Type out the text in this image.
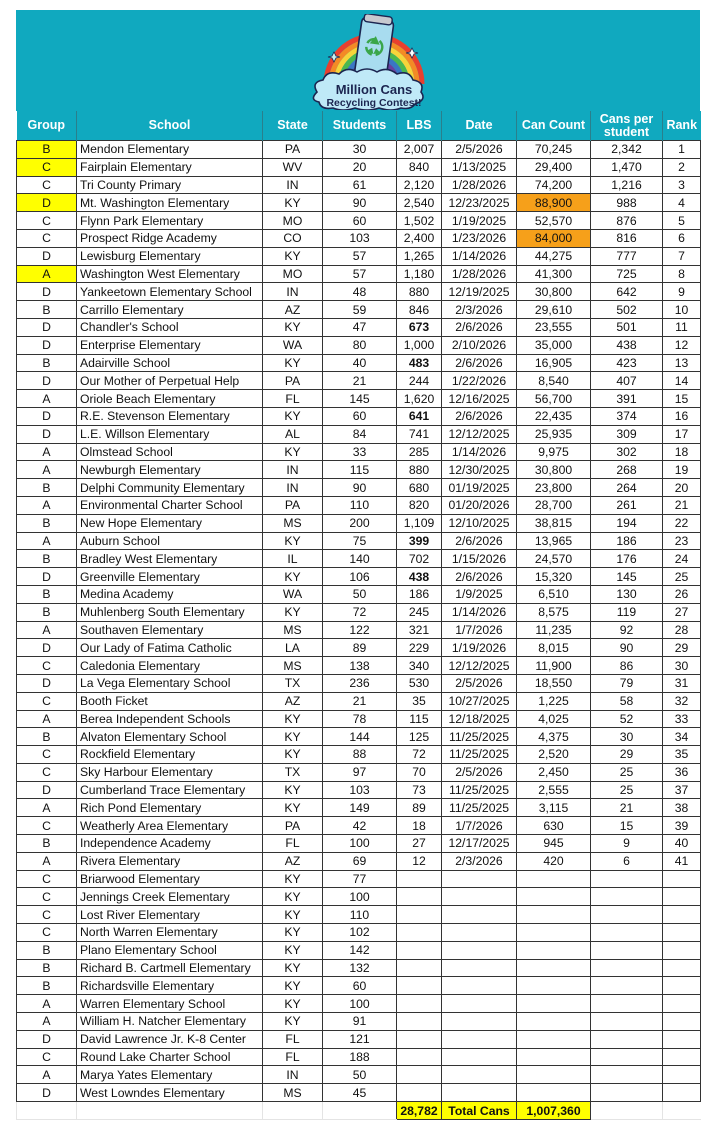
Million Cans
Recycling Contest!
Group	School	State	Students	LBS	Date	Can Count	Cans per student	Rank
B	Mendon Elementary	PA	30	2,007	2/5/2026	70,245	2,342	1
C	Fairplain Elementary	WV	20	840	1/13/2025	29,400	1,470	2
C	Tri County Primary	IN	61	2,120	1/28/2026	74,200	1,216	3
D	Mt. Washington Elementary	KY	90	2,540	12/23/2025	88,900	988	4
C	Flynn Park Elementary	MO	60	1,502	1/19/2025	52,570	876	5
C	Prospect Ridge Academy	CO	103	2,400	1/23/2026	84,000	816	6
D	Lewisburg Elementary	KY	57	1,265	1/14/2026	44,275	777	7
A	Washington West Elementary	MO	57	1,180	1/28/2026	41,300	725	8
D	Yankeetown Elementary School	IN	48	880	12/19/2025	30,800	642	9
B	Carrillo Elementary	AZ	59	846	2/3/2026	29,610	502	10
D	Chandler's School	KY	47	673	2/6/2026	23,555	501	11
D	Enterprise Elementary	WA	80	1,000	2/10/2026	35,000	438	12
B	Adairville School	KY	40	483	2/6/2026	16,905	423	13
D	Our Mother of Perpetual Help	PA	21	244	1/22/2026	8,540	407	14
A	Oriole Beach Elementary	FL	145	1,620	12/16/2025	56,700	391	15
D	R.E. Stevenson Elementary	KY	60	641	2/6/2026	22,435	374	16
D	L.E. Willson Elementary	AL	84	741	12/12/2025	25,935	309	17
A	Olmstead School	KY	33	285	1/14/2026	9,975	302	18
A	Newburgh Elementary	IN	115	880	12/30/2025	30,800	268	19
B	Delphi Community Elementary	IN	90	680	01/19/2025	23,800	264	20
A	Environmental Charter School	PA	110	820	01/20/2026	28,700	261	21
B	New Hope Elementary	MS	200	1,109	12/10/2025	38,815	194	22
A	Auburn School	KY	75	399	2/6/2026	13,965	186	23
B	Bradley West Elementary	IL	140	702	1/15/2026	24,570	176	24
D	Greenville Elementary	KY	106	438	2/6/2026	15,320	145	25
B	Medina Academy	WA	50	186	1/9/2025	6,510	130	26
B	Muhlenberg South Elementary	KY	72	245	1/14/2026	8,575	119	27
A	Southaven Elementary	MS	122	321	1/7/2026	11,235	92	28
D	Our Lady of Fatima Catholic	LA	89	229	1/19/2026	8,015	90	29
C	Caledonia Elementary	MS	138	340	12/12/2025	11,900	86	30
D	La Vega Elementary School	TX	236	530	2/5/2026	18,550	79	31
C	Booth Ficket	AZ	21	35	10/27/2025	1,225	58	32
A	Berea Independent Schools	KY	78	115	12/18/2025	4,025	52	33
B	Alvaton Elementary School	KY	144	125	11/25/2025	4,375	30	34
C	Rockfield Elementary	KY	88	72	11/25/2025	2,520	29	35
C	Sky Harbour Elementary	TX	97	70	2/5/2026	2,450	25	36
D	Cumberland Trace Elementary	KY	103	73	11/25/2025	2,555	25	37
A	Rich Pond Elementary	KY	149	89	11/25/2025	3,115	21	38
C	Weatherly Area Elementary	PA	42	18	1/7/2026	630	15	39
B	Independence Academy	FL	100	27	12/17/2025	945	9	40
A	Rivera Elementary	AZ	69	12	2/3/2026	420	6	41
C	Briarwood Elementary	KY	77					
C	Jennings Creek Elementary	KY	100					
C	Lost River Elementary	KY	110					
C	North Warren Elementary	KY	102					
B	Plano Elementary School	KY	142					
B	Richard B. Cartmell Elementary	KY	132					
B	Richardsville Elementary	KY	60					
A	Warren Elementary School	KY	100					
A	William H. Natcher Elementary	KY	91					
D	David Lawrence Jr. K-8 Center	FL	121					
C	Round Lake Charter School	FL	188					
A	Marya Yates Elementary	IN	50					
D	West Lowndes Elementary	MS	45					
				28,782	Total Cans	1,007,360		
